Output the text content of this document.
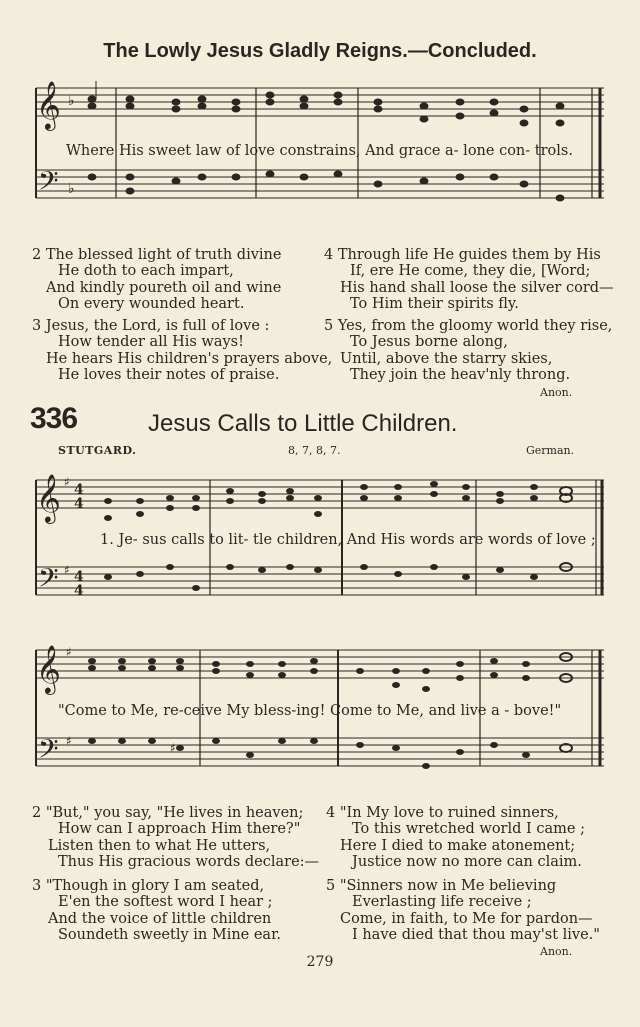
The Lowly Jesus Gladly Reigns.—Concluded.
𝄞
𝄢
♭
♭
Where His sweet law of love constrains, And grace a- lone con- trols.
2 The blessed light of truth divine
He doth to each impart,
And kindly poureth oil and wine
On every wounded heart.
4 Through life He guides them by His
If, ere He come, they die, [Word;
His hand shall loose the silver cord—
To Him their spirits fly.
3 Jesus, the Lord, is full of love :
How tender all His ways!
He hears His children's prayers above,
He loves their notes of praise.
5 Yes, from the gloomy world they rise,
To Jesus borne along,
Until, above the starry skies,
They join the heav'nly throng.
Anon.
336	Jesus Calls to Little Children.
STUTGARD.	8, 7, 8, 7.	German.
𝄞
𝄢
♯
♯
4
4
4
4
1. Je- sus calls to lit- tle children, And His words are words of love ;
𝄞
𝄢
♯
♯	♯
"Come to Me, re-ceive My bless-ing! Come to Me, and live a - bove!"
2 "But," you say, "He lives in heaven;
How can I approach Him there?"
Listen then to what He utters,
Thus His gracious words declare:—
4 "In My love to ruined sinners,
To this wretched world I came ;
Here I died to make atonement;
Justice now no more can claim.
3 "Though in glory I am seated,
E'en the softest word I hear ;
And the voice of little children
Soundeth sweetly in Mine ear.
5 "Sinners now in Me believing
Everlasting life receive ;
Come, in faith, to Me for pardon—
I have died that thou may'st live."
Anon.
279
